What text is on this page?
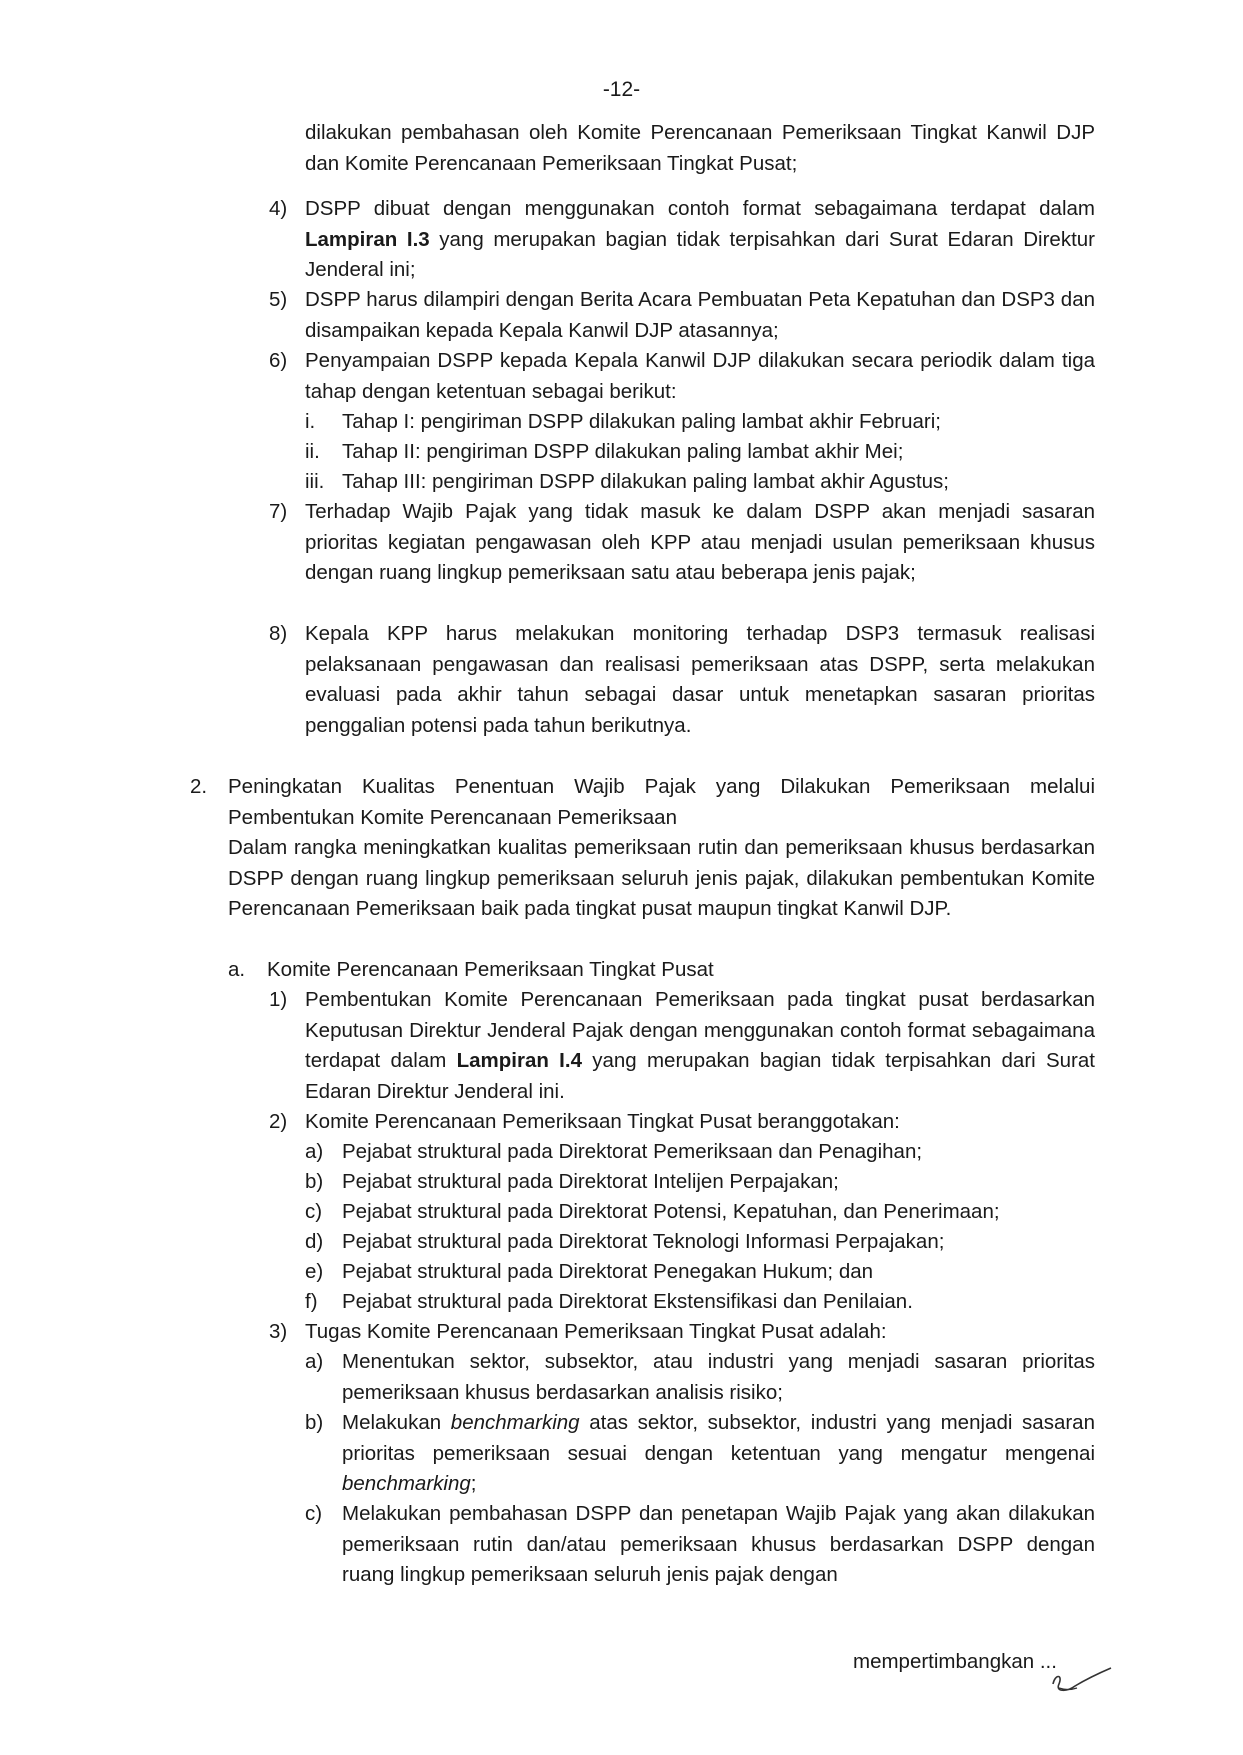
-12-
dilakukan pembahasan oleh Komite Perencanaan Pemeriksaan Tingkat Kanwil DJP dan Komite Perencanaan Pemeriksaan Tingkat Pusat;
4) DSPP dibuat dengan menggunakan contoh format sebagaimana terdapat dalam Lampiran I.3 yang merupakan bagian tidak terpisahkan dari Surat Edaran Direktur Jenderal ini;
5) DSPP harus dilampiri dengan Berita Acara Pembuatan Peta Kepatuhan dan DSP3 dan disampaikan kepada Kepala Kanwil DJP atasannya;
6) Penyampaian DSPP kepada Kepala Kanwil DJP dilakukan secara periodik dalam tiga tahap dengan ketentuan sebagai berikut:
i. Tahap I: pengiriman DSPP dilakukan paling lambat akhir Februari;
ii. Tahap II: pengiriman DSPP dilakukan paling lambat akhir Mei;
iii. Tahap III: pengiriman DSPP dilakukan paling lambat akhir Agustus;
7) Terhadap Wajib Pajak yang tidak masuk ke dalam DSPP akan menjadi sasaran prioritas kegiatan pengawasan oleh KPP atau menjadi usulan pemeriksaan khusus dengan ruang lingkup pemeriksaan satu atau beberapa jenis pajak;
8) Kepala KPP harus melakukan monitoring terhadap DSP3 termasuk realisasi pelaksanaan pengawasan dan realisasi pemeriksaan atas DSPP, serta melakukan evaluasi pada akhir tahun sebagai dasar untuk menetapkan sasaran prioritas penggalian potensi pada tahun berikutnya.
2. Peningkatan Kualitas Penentuan Wajib Pajak yang Dilakukan Pemeriksaan melalui Pembentukan Komite Perencanaan Pemeriksaan
Dalam rangka meningkatkan kualitas pemeriksaan rutin dan pemeriksaan khusus berdasarkan DSPP dengan ruang lingkup pemeriksaan seluruh jenis pajak, dilakukan pembentukan Komite Perencanaan Pemeriksaan baik pada tingkat pusat maupun tingkat Kanwil DJP.
a. Komite Perencanaan Pemeriksaan Tingkat Pusat
1) Pembentukan Komite Perencanaan Pemeriksaan pada tingkat pusat berdasarkan Keputusan Direktur Jenderal Pajak dengan menggunakan contoh format sebagaimana terdapat dalam Lampiran I.4 yang merupakan bagian tidak terpisahkan dari Surat Edaran Direktur Jenderal ini.
2) Komite Perencanaan Pemeriksaan Tingkat Pusat beranggotakan:
a) Pejabat struktural pada Direktorat Pemeriksaan dan Penagihan;
b) Pejabat struktural pada Direktorat Intelijen Perpajakan;
c) Pejabat struktural pada Direktorat Potensi, Kepatuhan, dan Penerimaan;
d) Pejabat struktural pada Direktorat Teknologi Informasi Perpajakan;
e) Pejabat struktural pada Direktorat Penegakan Hukum; dan
f) Pejabat struktural pada Direktorat Ekstensifikasi dan Penilaian.
3) Tugas Komite Perencanaan Pemeriksaan Tingkat Pusat adalah:
a) Menentukan sektor, subsektor, atau industri yang menjadi sasaran prioritas pemeriksaan khusus berdasarkan analisis risiko;
b) Melakukan benchmarking atas sektor, subsektor, industri yang menjadi sasaran prioritas pemeriksaan sesuai dengan ketentuan yang mengatur mengenai benchmarking;
c) Melakukan pembahasan DSPP dan penetapan Wajib Pajak yang akan dilakukan pemeriksaan rutin dan/atau pemeriksaan khusus berdasarkan DSPP dengan ruang lingkup pemeriksaan seluruh jenis pajak dengan
mempertimbangkan ...
